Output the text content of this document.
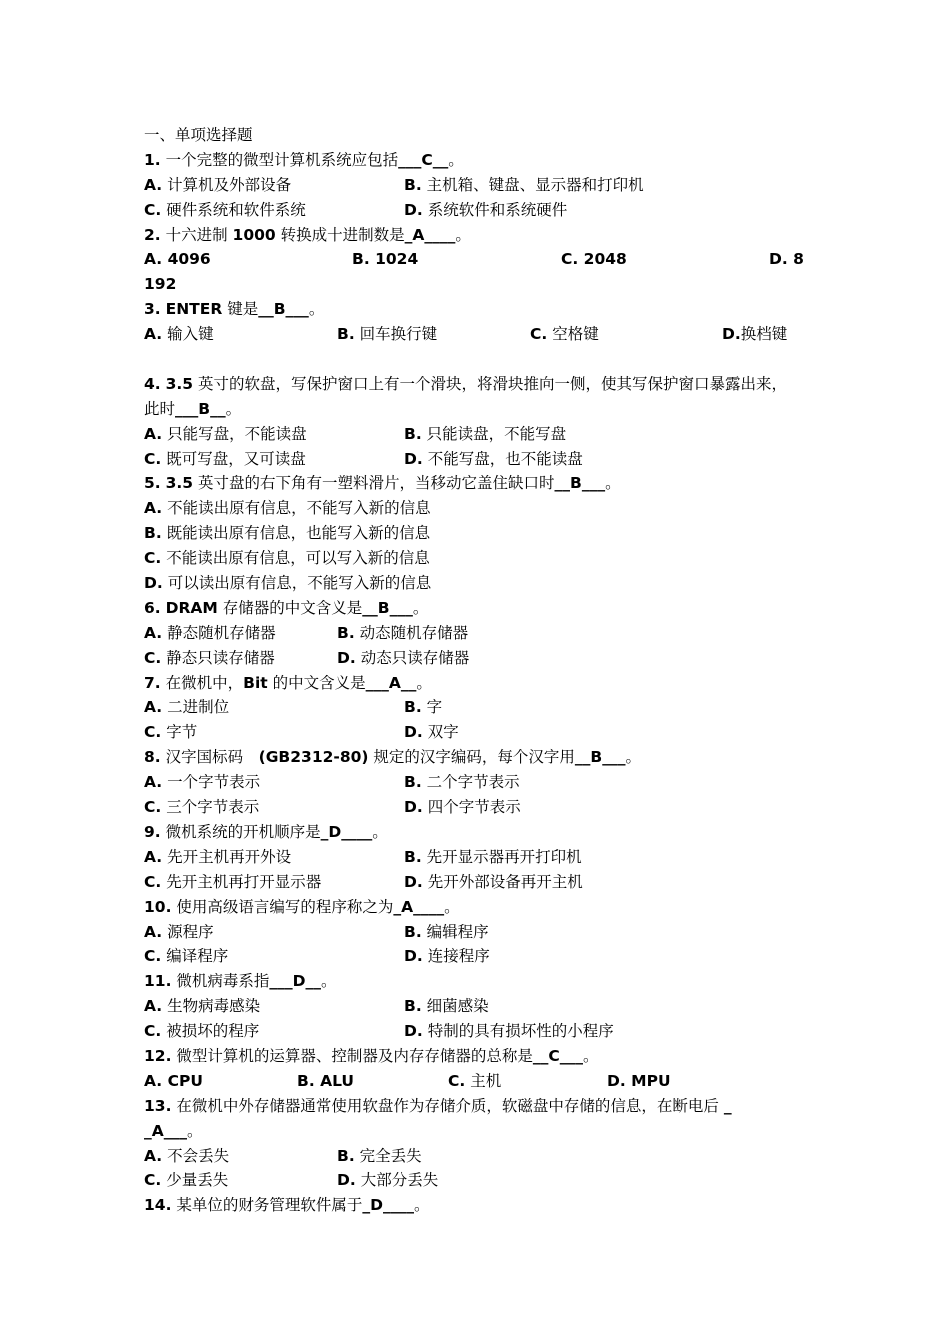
一、单项选择题
1. 一个完整的微型计算机系统应包括___C__。
A. 计算机及外部设备	B. 主机箱、键盘、显示器和打印机
C. 硬件系统和软件系统	D. 系统软件和系统硬件
2. 十六进制 1000 转换成十进制数是_A____。
A. 4096	B. 1024	C. 2048	D. 8
192
3. ENTER 键是__B___。
A. 输入键	B. 回车换行键	C. 空格键	D.换档键
4. 3.5 英寸的软盘，写保护窗口上有一个滑块，将滑块推向一侧，使其写保护窗口暴露出来，
此时___B__。
A. 只能写盘，不能读盘	B. 只能读盘，不能写盘
C. 既可写盘，又可读盘	D. 不能写盘，也不能读盘
5. 3.5 英寸盘的右下角有一塑料滑片，当移动它盖住缺口时__B___。
A. 不能读出原有信息，不能写入新的信息
B. 既能读出原有信息，也能写入新的信息
C. 不能读出原有信息，可以写入新的信息
D. 可以读出原有信息，不能写入新的信息
6. DRAM 存储器的中文含义是__B___。
A. 静态随机存储器	B. 动态随机存储器
C. 静态只读存储器	D. 动态只读存储器
7. 在微机中，Bit 的中文含义是___A__。
A. 二进制位	B. 字
C. 字节	D. 双字
8. 汉字国标码　(GB2312-80) 规定的汉字编码，每个汉字用__B___。
A. 一个字节表示	B. 二个字节表示
C. 三个字节表示	D. 四个字节表示
9. 微机系统的开机顺序是_D____。
A. 先开主机再开外设	B. 先开显示器再开打印机
C. 先开主机再打开显示器	D. 先开外部设备再开主机
10. 使用高级语言编写的程序称之为_A____。
A. 源程序	B. 编辑程序
C. 编译程序	D. 连接程序
11. 微机病毒系指___D__。
A. 生物病毒感染	B. 细菌感染
C. 被损坏的程序	D. 特制的具有损坏性的小程序
12. 微型计算机的运算器、控制器及内存存储器的总称是__C___。
A. CPU	B. ALU	C. 主机	D. MPU
13. 在微机中外存储器通常使用软盘作为存储介质，软磁盘中存储的信息，在断电后 _
_A___。
A. 不会丢失	B. 完全丢失
C. 少量丢失	D. 大部分丢失
14. 某单位的财务管理软件属于_D____。
